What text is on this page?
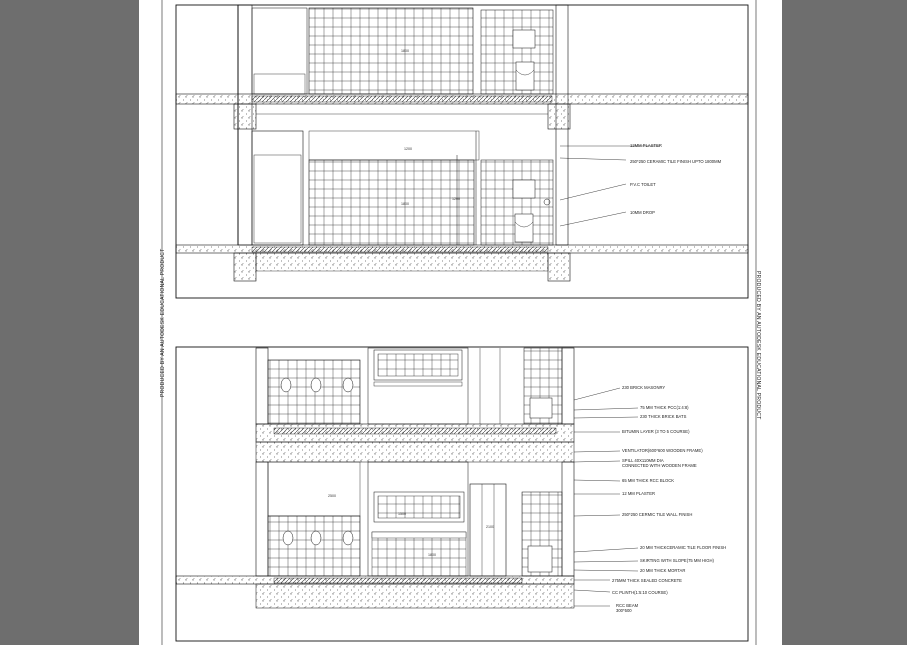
12MM PLASTER
250*250 CERAMIC TILE FINISH UPTO 1800MM
P.V.C TOILET
10MM DROP
1800
1200
1800
1200
230 BRICK MASONRY
75 MM THICK PCC(1:4:8)
230 THICK BRICK BATS
BITUMIN LAYER (3 TO 5 COURSE)
VENTILATOR(600*600 WOODEN FRAME)
SPILL 40X110MM DIA
CONNECTED WITH WOODEN FRAME
65 MM THICK RCC BLOCK
12 MM PLASTER
250*250 CERMIC TILE WALL FINISH
20 MM THICKCERAMIC TILE FLOOR FINISH
SKIRTING WITH SLOPE(75 MM HIGH)
20 MM THICK MORTAR
275MM THICK SEALED CONCRETE
CC PLINTH(1:5:10 COURSE)
RCC BEAM
300*500
2500
1500
1800
2100
PRODUCED BY AN AUTODESK EDUCATIONAL PRODUCT	PRODUCED BY AN AUTODESK EDUCATIONAL PRODUCT
